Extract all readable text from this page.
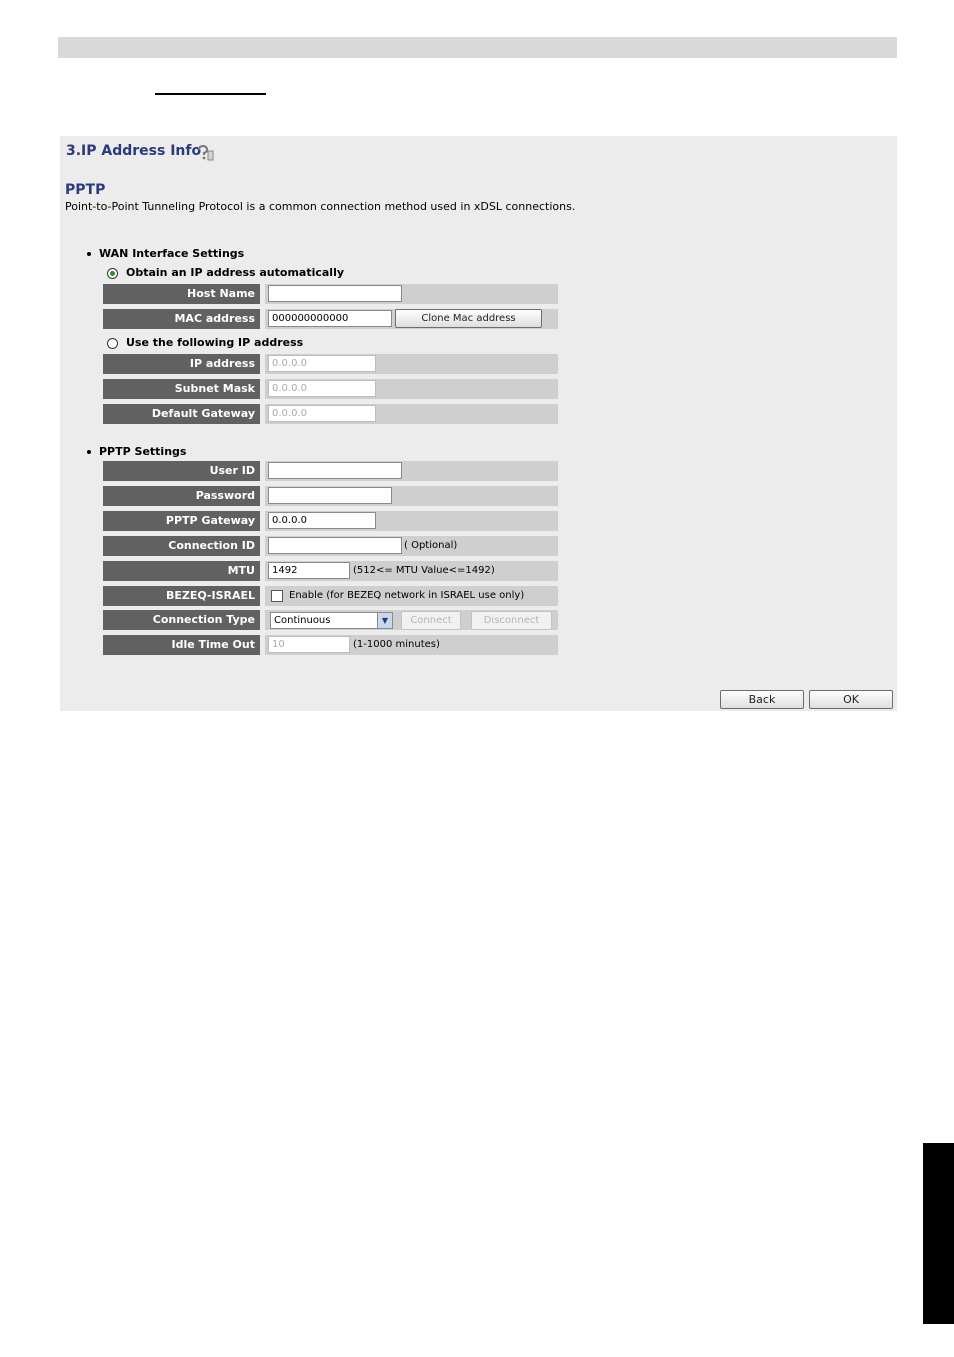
3.IP Address Info
PPTP
Point-to-Point Tunneling Protocol is a common connection method used in xDSL connections.
WAN Interface Settings
Obtain an IP address automatically
Host Name
MAC address	000000000000	Clone Mac address
Use the following IP address
IP address	0.0.0.0
Subnet Mask	0.0.0.0
Default Gateway	0.0.0.0
PPTP Settings
User ID
Password
PPTP Gateway	0.0.0.0
Connection ID	( Optional)
MTU	1492	(512<= MTU Value<=1492)
BEZEQ-ISRAEL	Enable (for BEZEQ network in ISRAEL use only)
Connection Type	Continuous	▼	Connect	Disconnect
Idle Time Out	10	(1-1000 minutes)
Back	OK
